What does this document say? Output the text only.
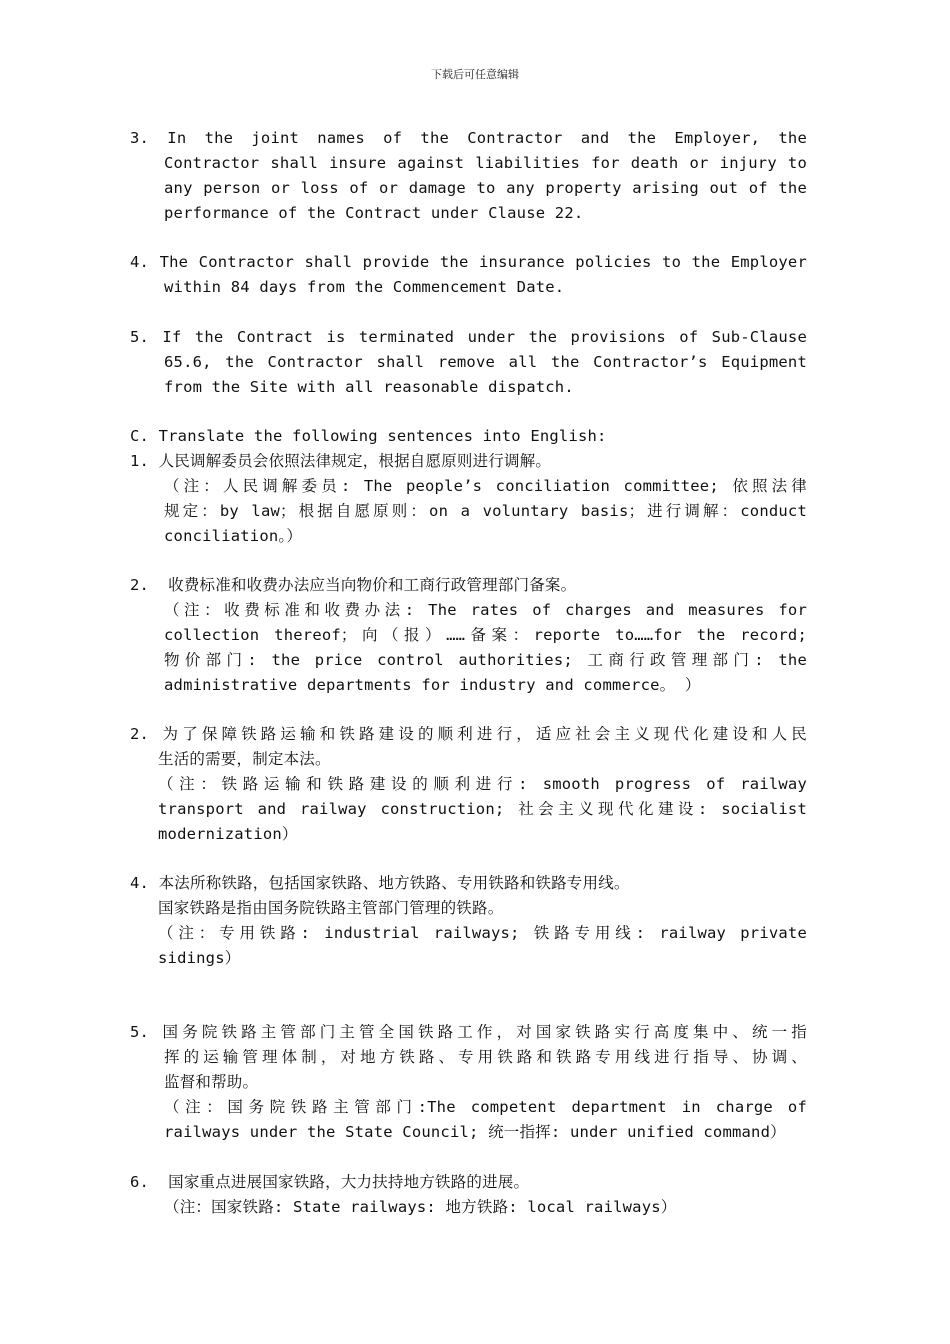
下载后可任意编辑
3. In the joint names of the Contractor and the Employer, the
Contractor shall insure against liabilities for death or injury to
any person or loss of or damage to any property arising out of the
performance of the Contract under Clause 22.
4. The Contractor shall provide the insurance policies to the Employer
within 84 days from the Commencement Date.
5. If the Contract is terminated under the provisions of Sub-Clause
65.6, the Contractor shall remove all the Contractor’s Equipment
from the Site with all reasonable dispatch.
C. Translate the following sentences into English:
1. 人民调解委员会依照法律规定，根据自愿原则进行调解。
（注：人民调解委员: The people’s conciliation committee; 依照法律
规定：by law；根据自愿原则：on a voluntary basis；进行调解：conduct
conciliation。）
2.  收费标准和收费办法应当向物价和工商行政管理部门备案。
（注：收费标准和收费办法: The rates of charges and measures for
collection thereof；向（报）……备案：reporte to……for the record;
物价部门: the price control authorities; 工商行政管理部门: the
administrative departments for industry and commerce。 ）
2. 为了保障铁路运输和铁路建设的顺利进行，适应社会主义现代化建设和人民
生活的需要，制定本法。
（注：铁路运输和铁路建设的顺利进行: smooth progress of railway
transport and railway construction; 社会主义现代化建设: socialist
modernization）
4. 本法所称铁路，包括国家铁路、地方铁路、专用铁路和铁路专用线。
国家铁路是指由国务院铁路主管部门管理的铁路。
（注：专用铁路: industrial railways; 铁路专用线: railway private
sidings）
5. 国务院铁路主管部门主管全国铁路工作，对国家铁路实行高度集中、统一指
挥的运输管理体制，对地方铁路、专用铁路和铁路专用线进行指导、协调、
监督和帮助。
（注：国务院铁路主管部门:The competent department in charge of
railways under the State Council; 统一指挥: under unified command）
6.  国家重点进展国家铁路，大力扶持地方铁路的进展。
（注：国家铁路: State railways: 地方铁路: local railways）
